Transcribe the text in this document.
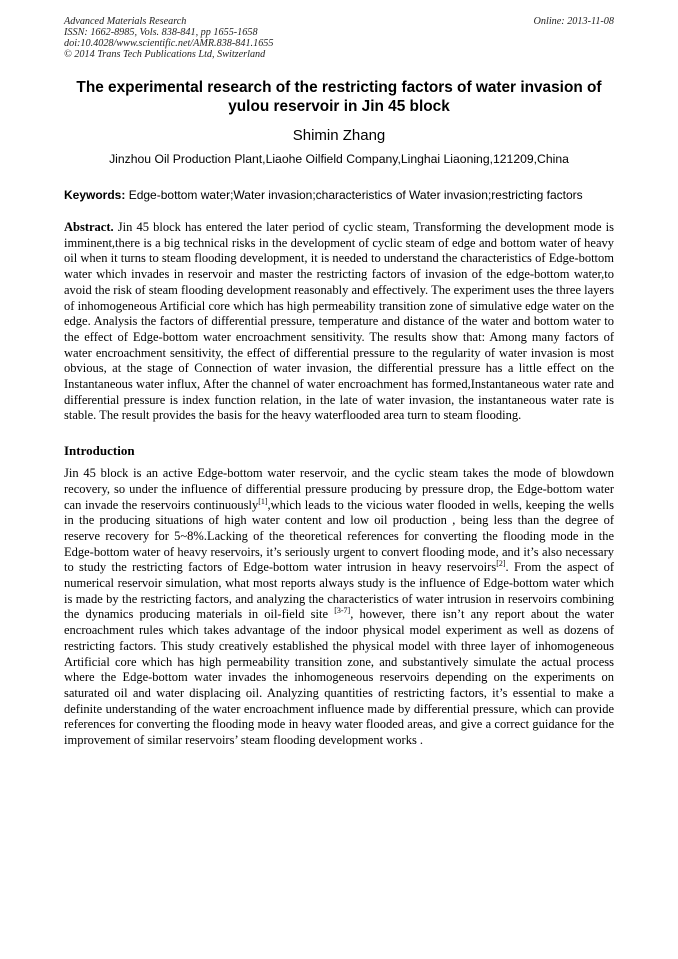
Advanced Materials Research
ISSN: 1662-8985, Vols. 838-841, pp 1655-1658
doi:10.4028/www.scientific.net/AMR.838-841.1655
© 2014 Trans Tech Publications Ltd, Switzerland
Online: 2013-11-08
The experimental research of the restricting factors of water invasion of yulou reservoir in Jin 45 block
Shimin Zhang
Jinzhou Oil Production Plant,Liaohe Oilfield Company,Linghai Liaoning,121209,China
Keywords: Edge-bottom water;Water invasion;characteristics of Water invasion;restricting factors
Abstract. Jin 45 block has entered the later period of cyclic steam, Transforming the development mode is imminent,there is a big technical risks in the development of cyclic steam of edge and bottom water of heavy oil when it turns to steam flooding development, it is needed to understand the characteristics of Edge-bottom water which invades in reservoir and master the restricting factors of invasion of the edge-bottom water,to avoid the risk of steam flooding development reasonably and effectively. The experiment uses the three layers of inhomogeneous Artificial core which has high permeability transition zone of simulative edge water on the edge. Analysis the factors of differential pressure, temperature and distance of the water and bottom water to the effect of Edge-bottom water encroachment sensitivity. The results show that: Among many factors of water encroachment sensitivity, the effect of differential pressure to the regularity of water invasion is most obvious, at the stage of Connection of water invasion, the differential pressure has a little effect on the Instantaneous water influx, After the channel of water encroachment has formed,Instantaneous water rate and differential pressure is index function relation, in the late of water invasion, the instantaneous water rate is stable. The result provides the basis for the heavy waterflooded area turn to steam flooding.
Introduction
Jin 45 block is an active Edge-bottom water reservoir, and the cyclic steam takes the mode of blowdown recovery, so under the influence of differential pressure producing by pressure drop, the Edge-bottom water can invade the reservoirs continuously[1],which leads to the vicious water flooded in wells, keeping the wells in the producing situations of high water content and low oil production , being less than the degree of reserve recovery for 5~8%.Lacking of the theoretical references for converting the flooding mode in the Edge-bottom water of heavy reservoirs, it’s seriously urgent to convert flooding mode, and it’s also necessary to study the restricting factors of Edge-bottom water intrusion in heavy reservoirs[2]. From the aspect of numerical reservoir simulation, what most reports always study is the influence of Edge-bottom water which is made by the restricting factors, and analyzing the characteristics of water intrusion in reservoirs combining the dynamics producing materials in oil-field site [3-7], however, there isn’t any report about the water encroachment rules which takes advantage of the indoor physical model experiment as well as dozens of restricting factors. This study creatively established the physical model with three layer of inhomogeneous Artificial core which has high permeability transition zone, and substantively simulate the actual process where the Edge-bottom water invades the inhomogeneous reservoirs depending on the experiments on saturated oil and water displacing oil. Analyzing quantities of restricting factors, it’s essential to make a definite understanding of the water encroachment influence made by differential pressure, which can provide references for converting the flooding mode in heavy water flooded areas, and give a correct guidance for the improvement of similar reservoirs’ steam flooding development works .
